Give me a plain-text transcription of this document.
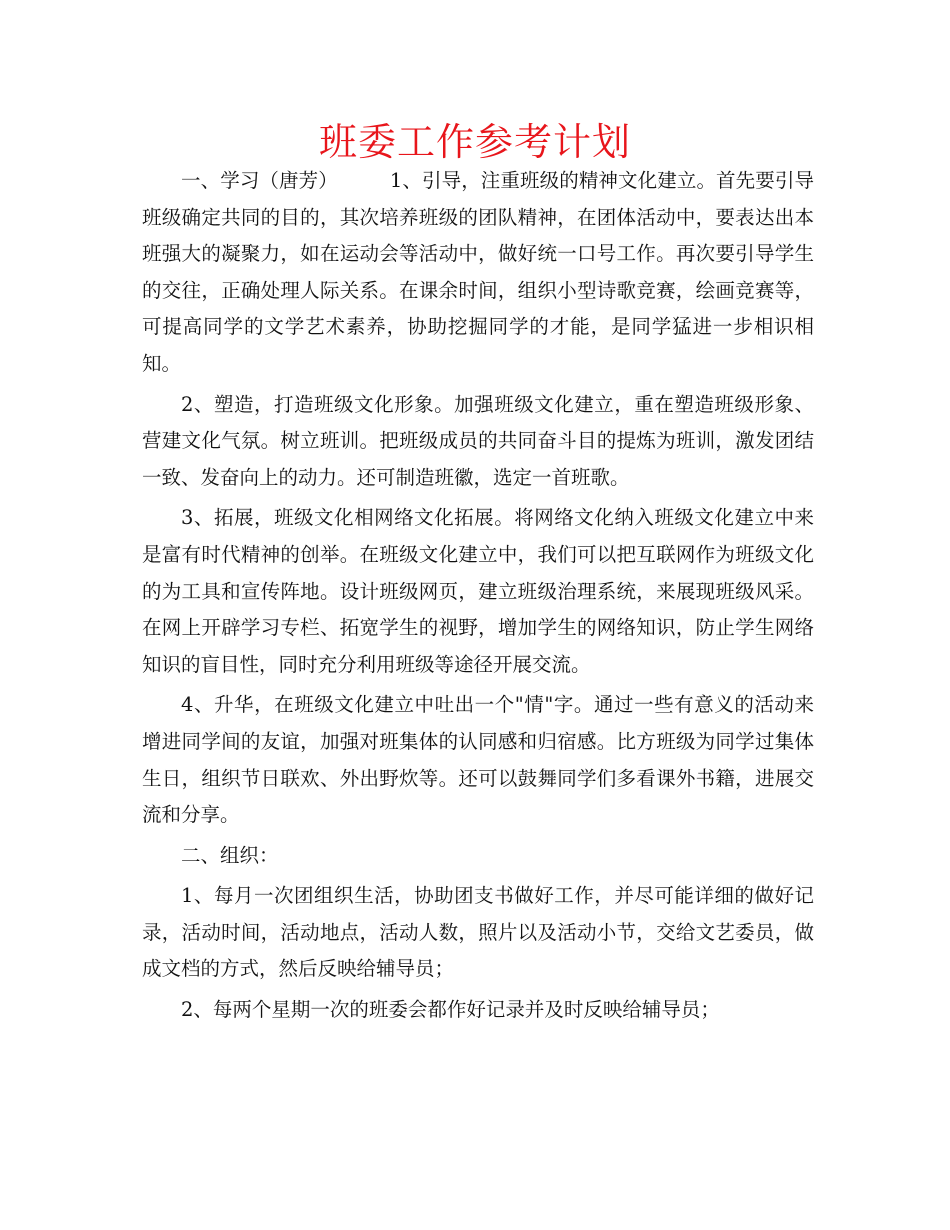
班委工作参考计划

一、学习（唐芳）	1、引导，注重班级的精神文化建立。首先要引导班级确定共同的目的，其次培养班级的团队精神，在团体活动中，要表达出本班强大的凝聚力，如在运动会等活动中，做好统一口号工作。再次要引导学生的交往，正确处理人际关系。在课余时间，组织小型诗歌竞赛，绘画竞赛等，可提高同学的文学艺术素养，协助挖掘同学的才能，是同学猛进一步相识相知。

2、塑造，打造班级文化形象。加强班级文化建立，重在塑造班级形象、营建文化气氛。树立班训。把班级成员的共同奋斗目的提炼为班训，激发团结一致、发奋向上的动力。还可制造班徽，选定一首班歌。

3、拓展，班级文化相网络文化拓展。将网络文化纳入班级文化建立中来是富有时代精神的创举。在班级文化建立中，我们可以把互联网作为班级文化的为工具和宣传阵地。设计班级网页，建立班级治理系统，来展现班级风采。在网上开辟学习专栏、拓宽学生的视野，增加学生的网络知识，防止学生网络知识的盲目性，同时充分利用班级等途径开展交流。

4、升华，在班级文化建立中吐出一个"情"字。通过一些有意义的活动来增进同学间的友谊，加强对班集体的认同感和归宿感。比方班级为同学过集体生日，组织节日联欢、外出野炊等。还可以鼓舞同学们多看课外书籍，进展交流和分享。

二、组织：

1、每月一次团组织生活，协助团支书做好工作，并尽可能详细的做好记录，活动时间，活动地点，活动人数，照片以及活动小节，交给文艺委员，做成文档的方式，然后反映给辅导员；

2、每两个星期一次的班委会都作好记录并及时反映给辅导员；
